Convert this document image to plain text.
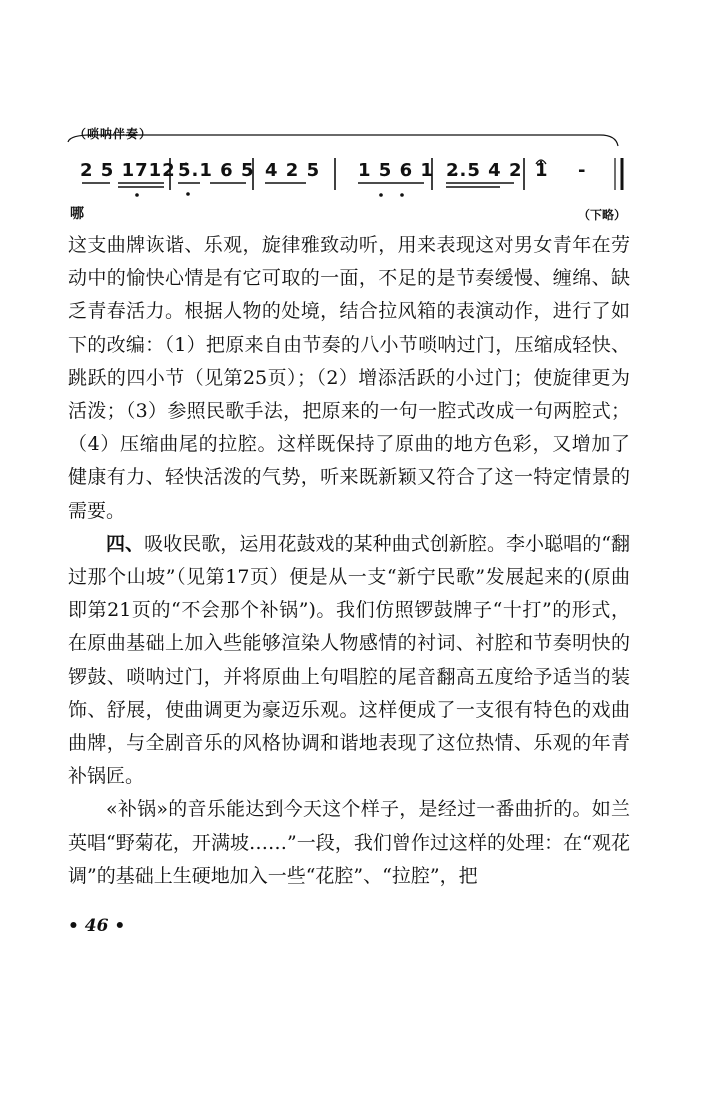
（唢呐伴奏）
2 5 1712 5.1 6 5 4 2 5 1 5 6 1 2.5 4 2 1 -
哪	（下略）

这支曲牌诙谐、乐观，旋律雅致动听，用来表现这对男女青年在劳动中的愉快心情是有它可取的一面，不足的是节奏缓慢、缠绵、缺乏青春活力。根据人物的处境，结合拉风箱的表演动作，进行了如下的改编：（1）把原来自由节奏的八小节唢呐过门，压缩成轻快、跳跃的四小节（见第25页）；（2）增添活跃的小过门；使旋律更为活泼；（3）参照民歌手法，把原来的一句一腔式改成一句两腔式；（4）压缩曲尾的拉腔。这样既保持了原曲的地方色彩，又增加了健康有力、轻快活泼的气势，听来既新颖又符合了这一特定情景的需要。

四、吸收民歌，运用花鼓戏的某种曲式创新腔。李小聪唱的“翻过那个山坡”（见第17页）便是从一支“新宁民歌”发展起来的(原曲即第21页的“不会那个补锅”)。我们仿照锣鼓牌子“十打”的形式，在原曲基础上加入些能够渲染人物感情的衬词、衬腔和节奏明快的锣鼓、唢呐过门，并将原曲上句唱腔的尾音翻高五度给予适当的装饰、舒展，使曲调更为豪迈乐观。这样便成了一支很有特色的戏曲曲牌，与全剧音乐的风格协调和谐地表现了这位热情、乐观的年青补锅匠。

«补锅»的音乐能达到今天这个样子，是经过一番曲折的。如兰英唱“野菊花，开满坡……”一段，我们曾作过这样的处理：在“观花调”的基础上生硬地加入一些“花腔”、“拉腔”，把

• 46 •
